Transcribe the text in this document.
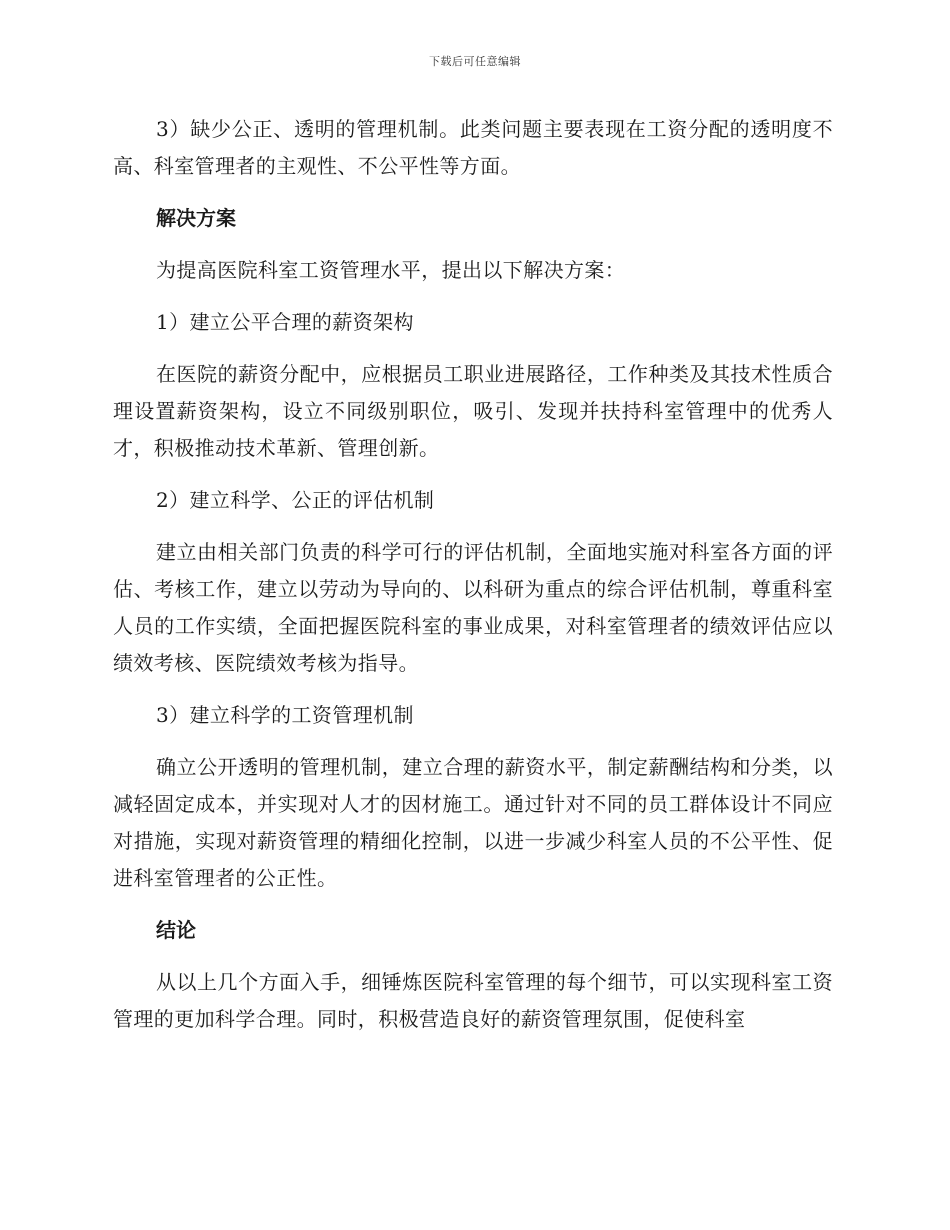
下载后可任意编辑

3）缺少公正、透明的管理机制。此类问题主要表现在工资分配的透明度不高、科室管理者的主观性、不公平性等方面。

解决方案

为提高医院科室工资管理水平，提出以下解决方案：

1）建立公平合理的薪资架构

在医院的薪资分配中，应根据员工职业进展路径，工作种类及其技术性质合理设置薪资架构，设立不同级别职位，吸引、发现并扶持科室管理中的优秀人才，积极推动技术革新、管理创新。

2）建立科学、公正的评估机制

建立由相关部门负责的科学可行的评估机制，全面地实施对科室各方面的评估、考核工作，建立以劳动为导向的、以科研为重点的综合评估机制，尊重科室人员的工作实绩，全面把握医院科室的事业成果，对科室管理者的绩效评估应以绩效考核、医院绩效考核为指导。

3）建立科学的工资管理机制

确立公开透明的管理机制，建立合理的薪资水平，制定薪酬结构和分类，以减轻固定成本，并实现对人才的因材施工。通过针对不同的员工群体设计不同应对措施，实现对薪资管理的精细化控制，以进一步减少科室人员的不公平性、促进科室管理者的公正性。

结论

从以上几个方面入手，细锤炼医院科室管理的每个细节，可以实现科室工资管理的更加科学合理。同时，积极营造良好的薪资管理氛围，促使科室
